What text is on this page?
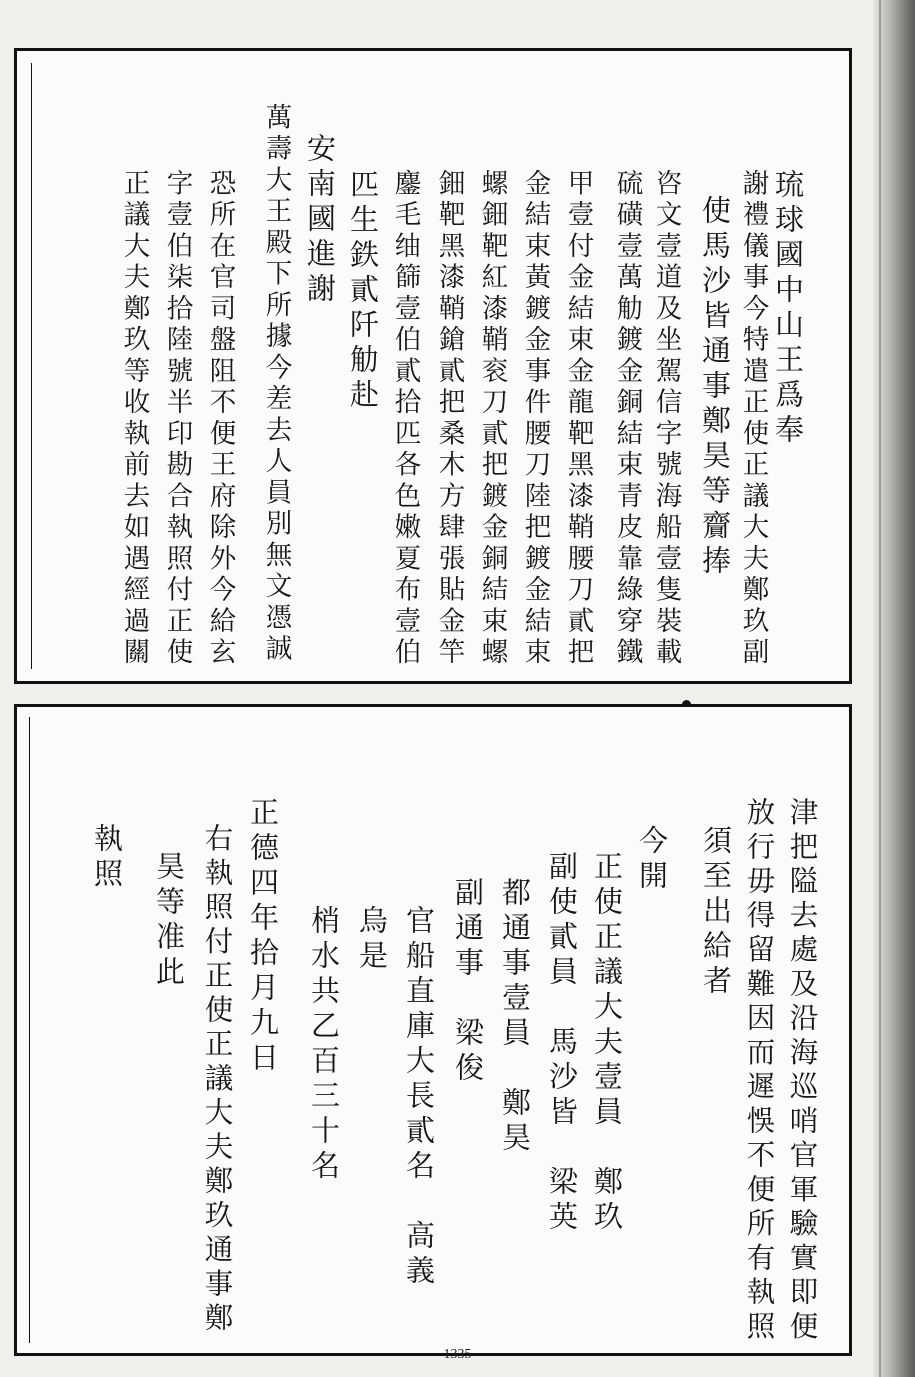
琉球國中山王爲奉
謝禮儀事今特遣正使正議大夫鄭玖副
使馬沙皆通事鄭昊等齎捧
咨文壹道及坐駕信字號海船壹隻裝載
硫磺壹萬觔鍍金銅結束青皮靠綠穿鐵
甲壹付金結束金龍靶黑漆鞘腰刀貳把
金結束黃鍍金事件腰刀陸把鍍金結束
螺鈿靶紅漆鞘衮刀貳把鍍金銅結束螺
鈿靶黑漆鞘鎗貳把桑木方肆張貼金竿
鏖毛䌷篩壹伯貳拾匹各色嫩夏布壹伯
匹生鉄貳阡觔赴
安南國進謝
萬壽大王殿下所據今差去人員別無文憑誠
恐所在官司盤阻不便王府除外今給玄
字壹伯柒拾陸號半印勘合執照付正使
正議大夫鄭玖等收執前去如遇經過關
津把隘去處及沿海巡哨官軍驗實即便
放行毋得留難因而遲悞不便所有執照
須至出給者
今開
正使正議大夫壹員　鄭玖
副使貳員　馬沙皆　梁英
都通事壹員　鄭昊
副通事　梁俊
官船直庫大長貳名　高義
烏是
梢水共乙百三十名
正德四年拾月九日
右執照付正使正議大夫鄭玖通事鄭
昊等准此
執照
1335
